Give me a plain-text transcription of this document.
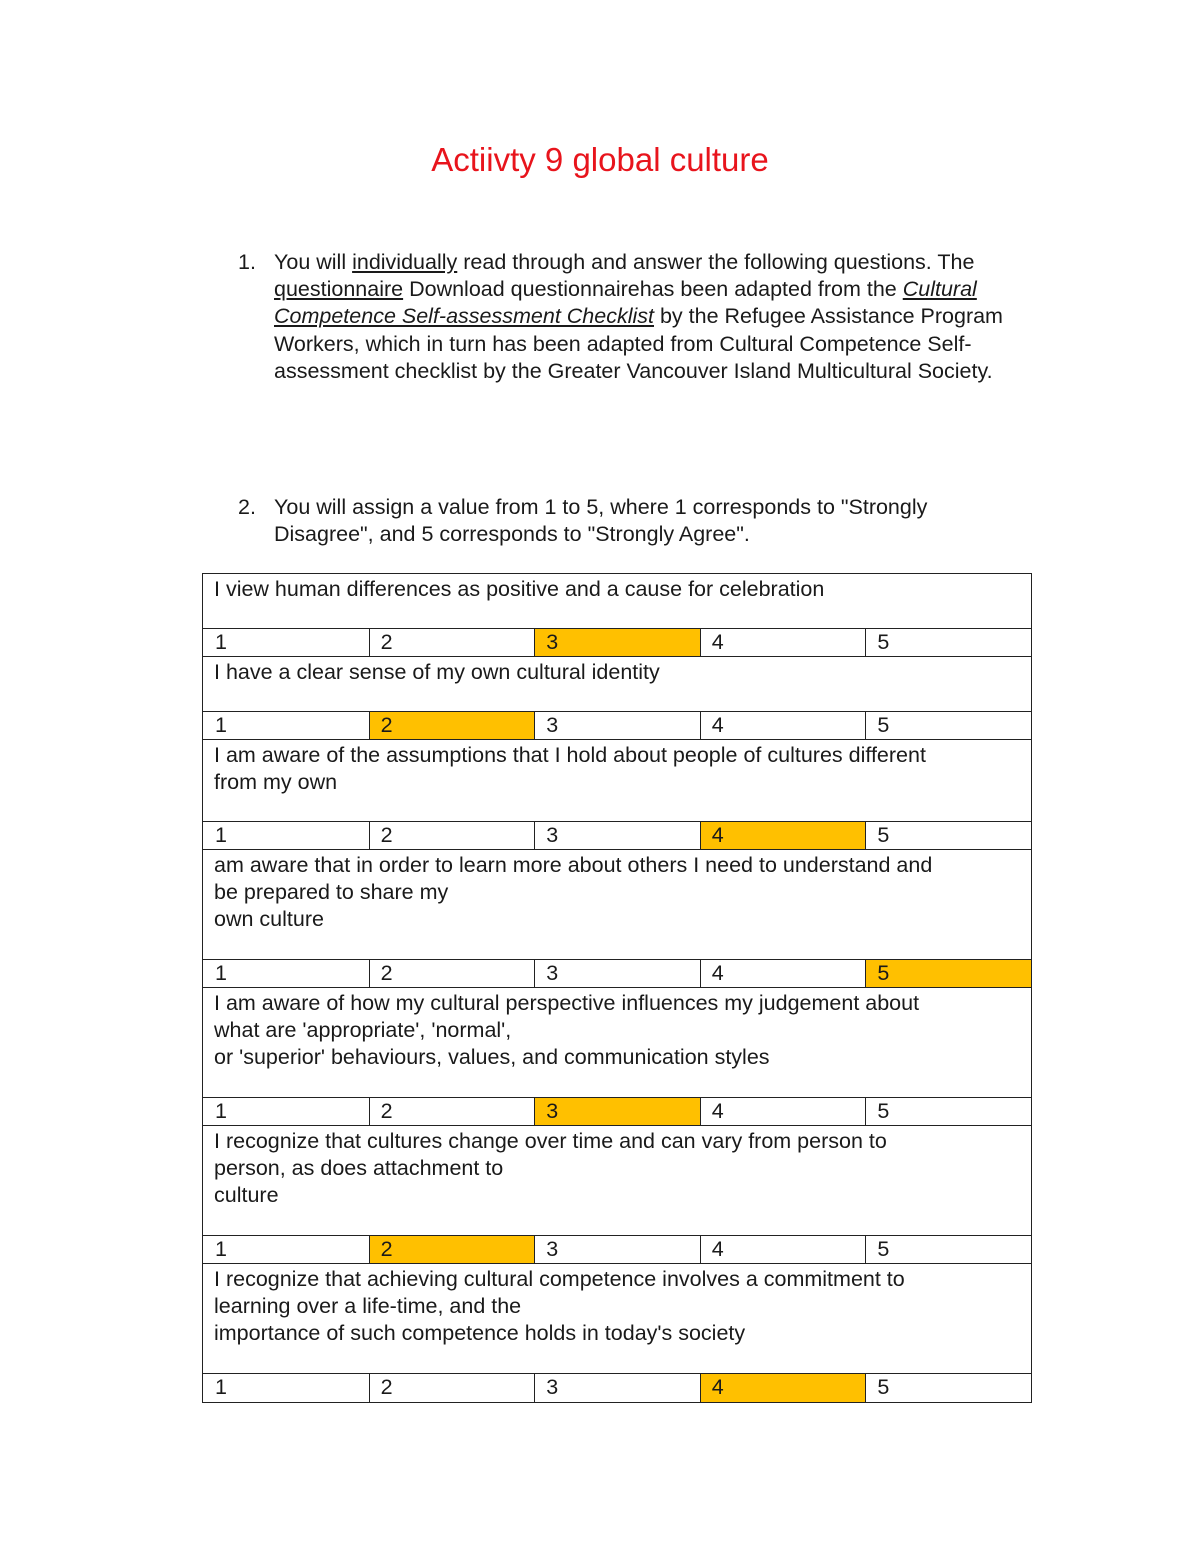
Actiivty 9 global culture
1. You will individually read through and answer the following questions. The questionnaire Download questionnairehas been adapted from the Cultural Competence Self-assessment Checklist by the Refugee Assistance Program Workers, which in turn has been adapted from Cultural Competence Self-assessment checklist by the Greater Vancouver Island Multicultural Society.
2. You will assign a value from 1 to 5, where 1 corresponds to "Strongly Disagree", and 5 corresponds to "Strongly Agree".
I view human differences as positive and a cause for celebration
1	2	3	4	5
I have a clear sense of my own cultural identity
1	2	3	4	5
I am aware of the assumptions that I hold about people of cultures different
from my own
1	2	3	4	5
am aware that in order to learn more about others I need to understand and
be prepared to share my
own culture
1	2	3	4	5
I am aware of how my cultural perspective influences my judgement about
what are 'appropriate', 'normal',
or 'superior' behaviours, values, and communication styles
1	2	3	4	5
I recognize that cultures change over time and can vary from person to
person, as does attachment to
culture
1	2	3	4	5
I recognize that achieving cultural competence involves a commitment to
learning over a life-time, and the
importance of such competence holds in today's society
1	2	3	4	5
